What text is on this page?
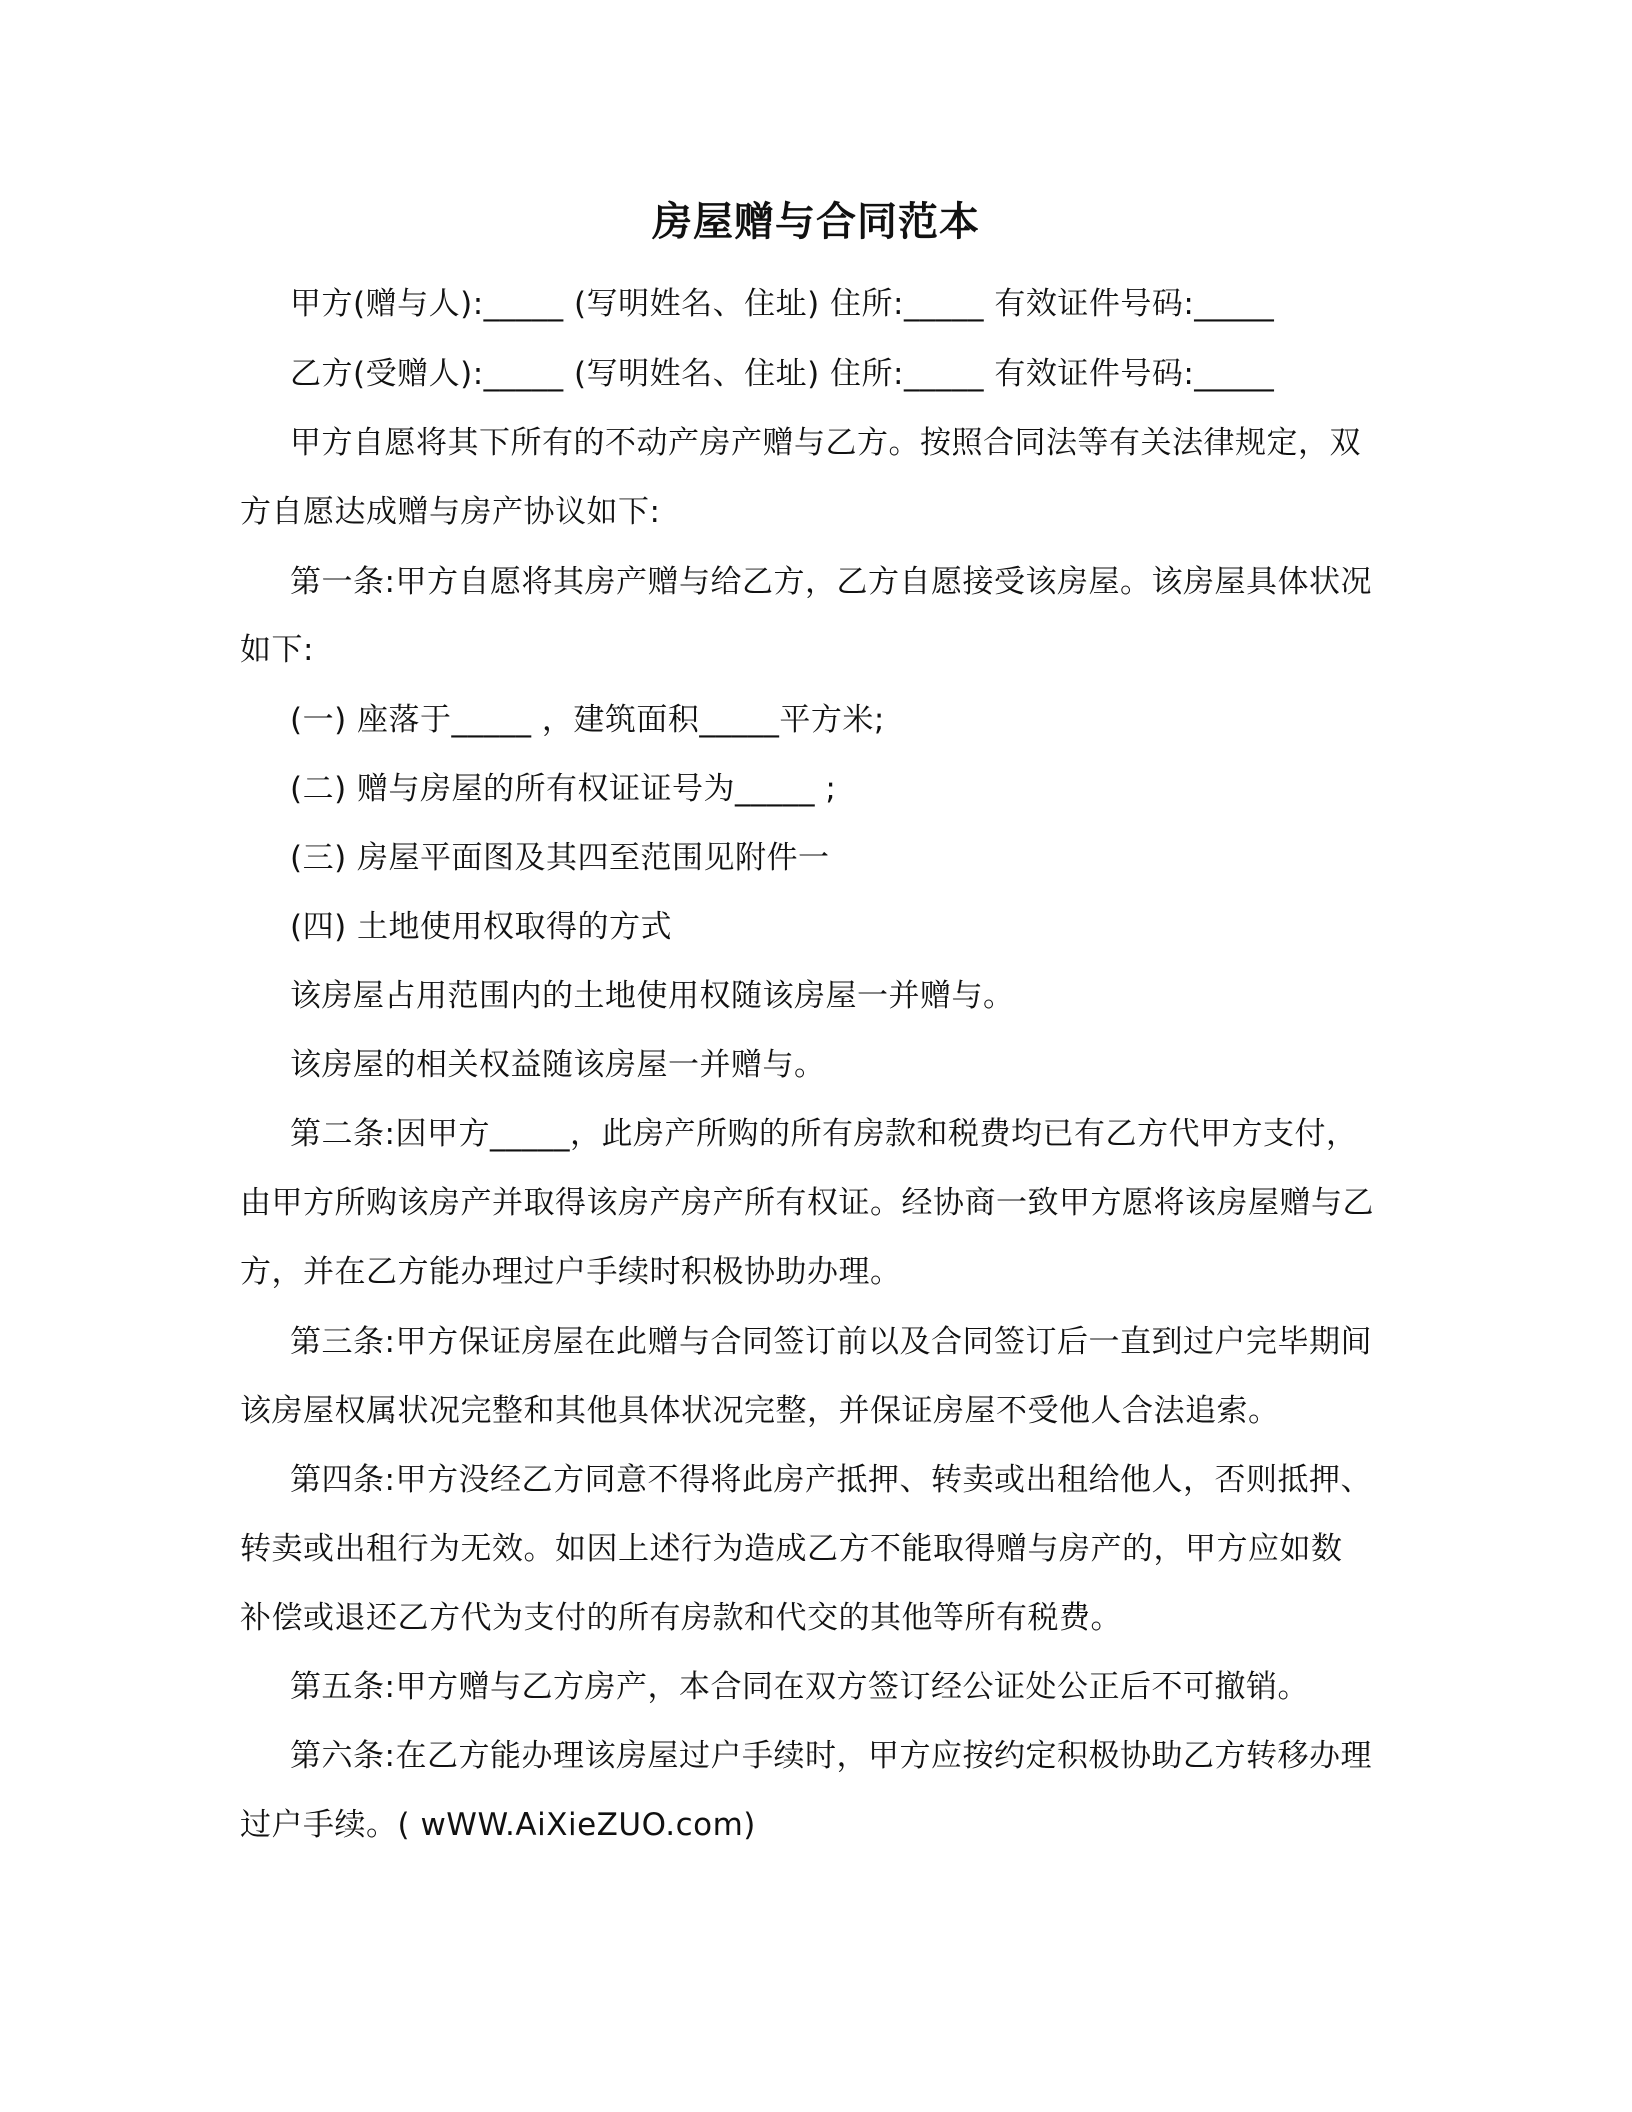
房屋赠与合同范本
甲方(赠与人):_____ (写明姓名、住址) 住所:_____ 有效证件号码:_____
乙方(受赠人):_____ (写明姓名、住址) 住所:_____ 有效证件号码:_____
甲方自愿将其下所有的不动产房产赠与乙方。按照合同法等有关法律规定，双
方自愿达成赠与房产协议如下:
第一条:甲方自愿将其房产赠与给乙方，乙方自愿接受该房屋。该房屋具体状况
如下:
(一) 座落于_____ ，建筑面积_____平方米;
(二) 赠与房屋的所有权证证号为_____ ;
(三) 房屋平面图及其四至范围见附件一
(四) 土地使用权取得的方式
该房屋占用范围内的土地使用权随该房屋一并赠与。
该房屋的相关权益随该房屋一并赠与。
第二条:因甲方_____，此房产所购的所有房款和税费均已有乙方代甲方支付，
由甲方所购该房产并取得该房产房产所有权证。经协商一致甲方愿将该房屋赠与乙
方，并在乙方能办理过户手续时积极协助办理。
第三条:甲方保证房屋在此赠与合同签订前以及合同签订后一直到过户完毕期间
该房屋权属状况完整和其他具体状况完整，并保证房屋不受他人合法追索。
第四条:甲方没经乙方同意不得将此房产抵押、转卖或出租给他人，否则抵押、
转卖或出租行为无效。如因上述行为造成乙方不能取得赠与房产的，甲方应如数
补偿或退还乙方代为支付的所有房款和代交的其他等所有税费。
第五条:甲方赠与乙方房产，本合同在双方签订经公证处公正后不可撤销。
第六条:在乙方能办理该房屋过户手续时，甲方应按约定积极协助乙方转移办理
过户手续。( wWW.AiXieZUO.com)
